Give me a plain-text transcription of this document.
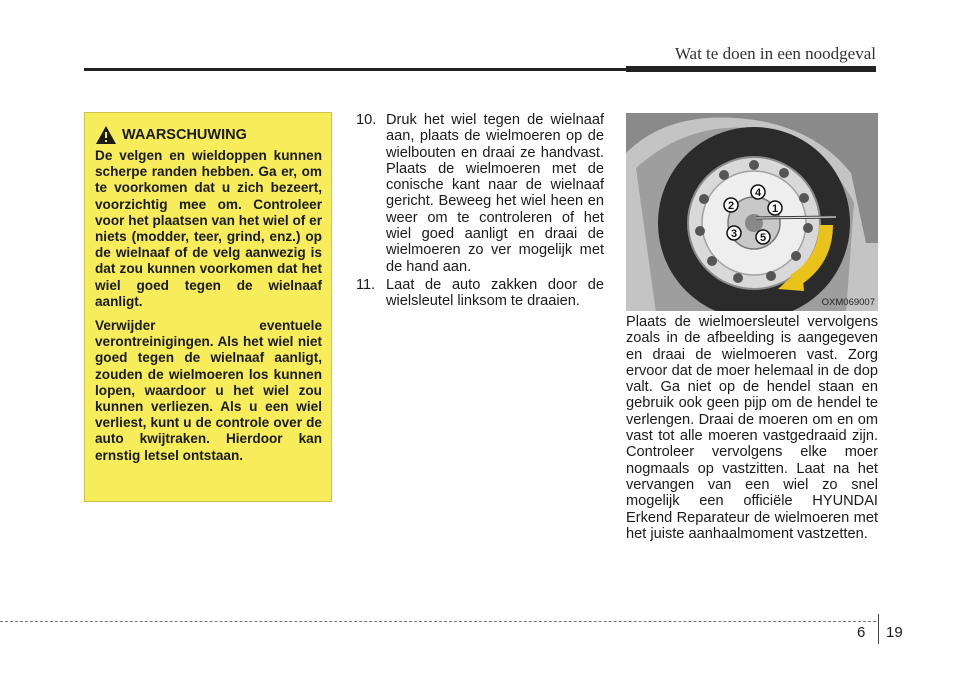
Wat te doen in een noodgeval
WAARSCHUWING

De velgen en wieldoppen kunnen scherpe randen hebben. Ga er, om te voorkomen dat u zich bezeert, voorzichtig mee om. Controleer voor het plaatsen van het wiel of er niets (modder, teer, grind, enz.) op de wielnaaf of de velg aanwezig is dat zou kunnen voorkomen dat het wiel goed tegen de wielnaaf aanligt.

Verwijder eventuele verontreinigingen. Als het wiel niet goed tegen de wielnaaf aanligt, zouden de wielmoeren los kunnen lopen, waardoor u het wiel zou kunnen verliezen. Als u een wiel verliest, kunt u de controle over de auto kwijtraken. Hierdoor kan ernstig letsel ontstaan.

10. Druk het wiel tegen de wielnaaf aan, plaats de wielmoeren op de wielbouten en draai ze handvast. Plaats de wielmoeren met de conische kant naar de wielnaaf gericht. Beweeg het wiel heen en weer om te controleren of het wiel goed aanligt en draai de wielmoeren zo ver mogelijk met de hand aan.
11. Laat de auto zakken door de wielsleutel linksom te draaien.
1
2
3
4
5
OXM069007

Plaats de wielmoersleutel vervolgens zoals in de afbeelding is aangegeven en draai de wielmoeren vast. Zorg ervoor dat de moer helemaal in de dop valt. Ga niet op de hendel staan en gebruik ook geen pijp om de hendel te verlengen. Draai de moeren om en om vast tot alle moeren vastgedraaid zijn. Controleer vervolgens elke moer nogmaals op vastzitten. Laat na het vervangen van een wiel zo snel mogelijk een officiële HYUNDAI Erkend Reparateur de wielmoeren met het juiste aanhaalmoment vastzetten.

6 19
